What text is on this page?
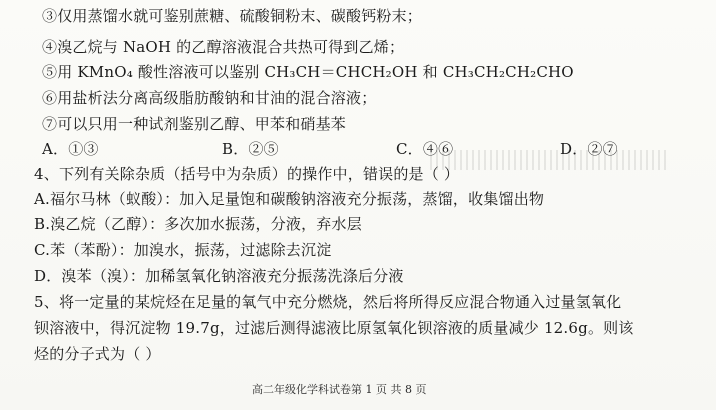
③仅用蒸馏水就可鉴别蔗糖、硫酸铜粉末、碳酸钙粉末；
④溴乙烷与 NaOH 的乙醇溶液混合共热可得到乙烯；
⑤用 KMnO₄ 酸性溶液可以鉴别 CH₃CH＝CHCH₂OH 和 CH₃CH₂CH₂CHO
⑥用盐析法分离高级脂肪酸钠和甘油的混合溶液；
⑦可以只用一种试剂鉴别乙醇、甲苯和硝基苯
A．①③	B．②⑤	C．④⑥	D．②⑦
4、下列有关除杂质（括号中为杂质）的操作中，错误的是（ ）
A.福尔马林（蚁酸）：加入足量饱和碳酸钠溶液充分振荡，蒸馏，收集馏出物
B.溴乙烷（乙醇）：多次加水振荡，分液，弃水层
C.苯（苯酚）：加溴水，振荡，过滤除去沉淀
D．溴苯（溴）：加稀氢氧化钠溶液充分振荡洗涤后分液
5、将一定量的某烷烃在足量的氧气中充分燃烧，然后将所得反应混合物通入过量氢氧化
钡溶液中，得沉淀物 19.7g，过滤后测得滤液比原氢氧化钡溶液的质量减少 12.6g。则该
烃的分子式为（ ）
高二年级化学科试卷第 1 页 共 8 页
